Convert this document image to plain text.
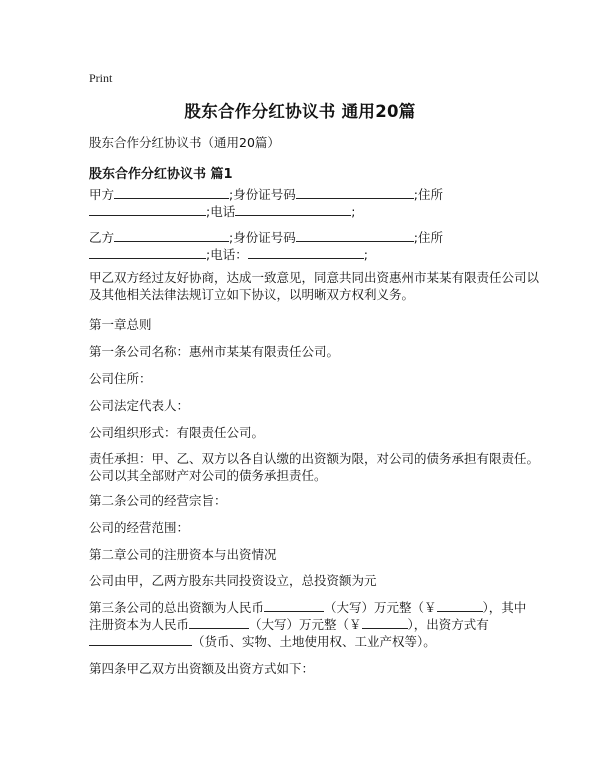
Print
股东合作分红协议书 通用20篇
股东合作分红协议书（通用20篇）
股东合作分红协议书 篇1
甲方	;身份证号码	;住所
;电话	;
乙方	;身份证号码	;住所
;电话：	;
甲乙双方经过友好协商，达成一致意见，同意共同出资惠州市某某有限责任公司以
及其他相关法律法规订立如下协议，以明晰双方权利义务。
第一章总则
第一条公司名称：惠州市某某有限责任公司。
公司住所：
公司法定代表人：
公司组织形式：有限责任公司。
责任承担：甲、乙、双方以各自认缴的出资额为限，对公司的债务承担有限责任。
公司以其全部财产对公司的债务承担责任。
第二条公司的经营宗旨：
公司的经营范围：
第二章公司的注册资本与出资情况
公司由甲，乙两方股东共同投资设立，总投资额为元
第三条公司的总出资额为人民币	（大写）万元整（￥	），其中
注册资本为人民币	（大写）万元整（￥	），出资方式有
（货币、实物、土地使用权、工业产权等）。
第四条甲乙双方出资额及出资方式如下：
